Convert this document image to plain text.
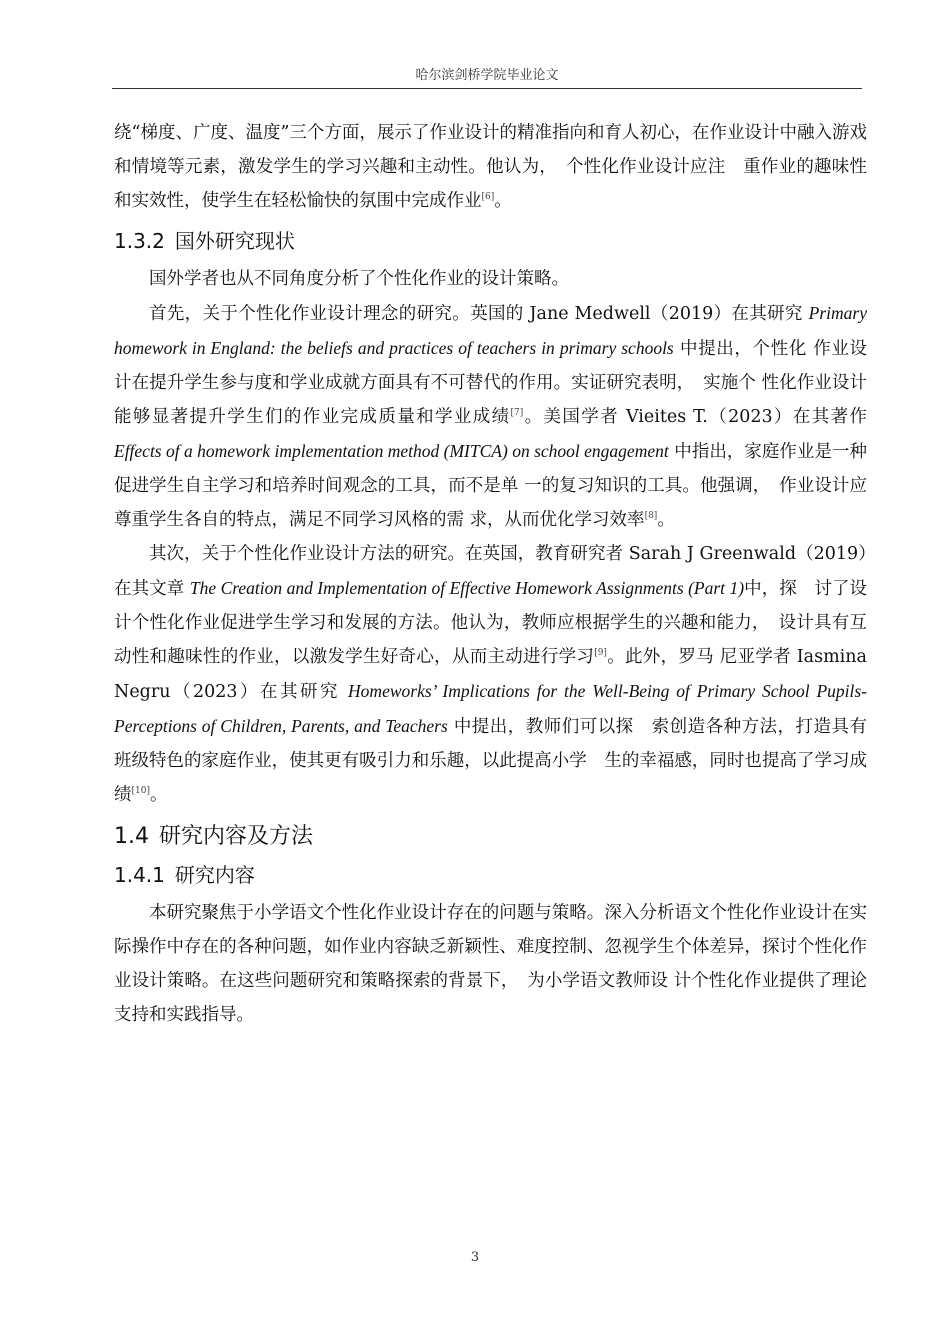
哈尔滨剑桥学院毕业论文

绕“梯度、广度、温度”三个方面，展示了作业设计的精准指向和育人初心，在作业设计中融入游戏和情境等元素，激发学生的学习兴趣和主动性。他认为，　个性化作业设计应注　重作业的趣味性和实效性，使学生在轻松愉快的氛围中完成作业[6]。

1.3.2 国外研究现状

国外学者也从不同角度分析了个性化作业的设计策略。

首先，关于个性化作业设计理念的研究。英国的 Jane Medwell（2019）在其研究 Primary homework in England: the beliefs and practices of teachers in primary schools 中提出，个性化 作业设计在提升学生参与度和学业成就方面具有不可替代的作用。实证研究表明，　实施个 性化作业设计能够显著提升学生们的作业完成质量和学业成绩[7]。美国学者 Vieites T.（2023）在其著作 Effects of a homework implementation method (MITCA) on school engagement 中指出，家庭作业是一种促进学生自主学习和培养时间观念的工具，而不是单 一的复习知识的工具。他强调，　作业设计应尊重学生各自的特点，满足不同学习风格的需 求，从而优化学习效率[8]。

其次，关于个性化作业设计方法的研究。在英国，教育研究者 Sarah J Greenwald（2019）　在其文章 The Creation and Implementation of Effective Homework Assignments (Part 1)中，探　讨了设计个性化作业促进学生学习和发展的方法。他认为，教师应根据学生的兴趣和能力，　设计具有互动性和趣味性的作业，以激发学生好奇心，从而主动进行学习[9]。此外，罗马 尼亚学者 Iasmina Negru（2023）在其研究 Homeworks’ Implications for the Well-Being of Primary School Pupils-Perceptions of Children, Parents, and Teachers 中提出，教师们可以探　索创造各种方法，打造具有班级特色的家庭作业，使其更有吸引力和乐趣，以此提高小学　生的幸福感，同时也提高了学习成绩[10]。

1.4 研究内容及方法
1.4.1 研究内容

本研究聚焦于小学语文个性化作业设计存在的问题与策略。深入分析语文个性化作业设计在实际操作中存在的各种问题，如作业内容缺乏新颖性、难度控制、忽视学生个体差异，探讨个性化作业设计策略。在这些问题研究和策略探索的背景下，　为小学语文教师设 计个性化作业提供了理论支持和实践指导。

3
